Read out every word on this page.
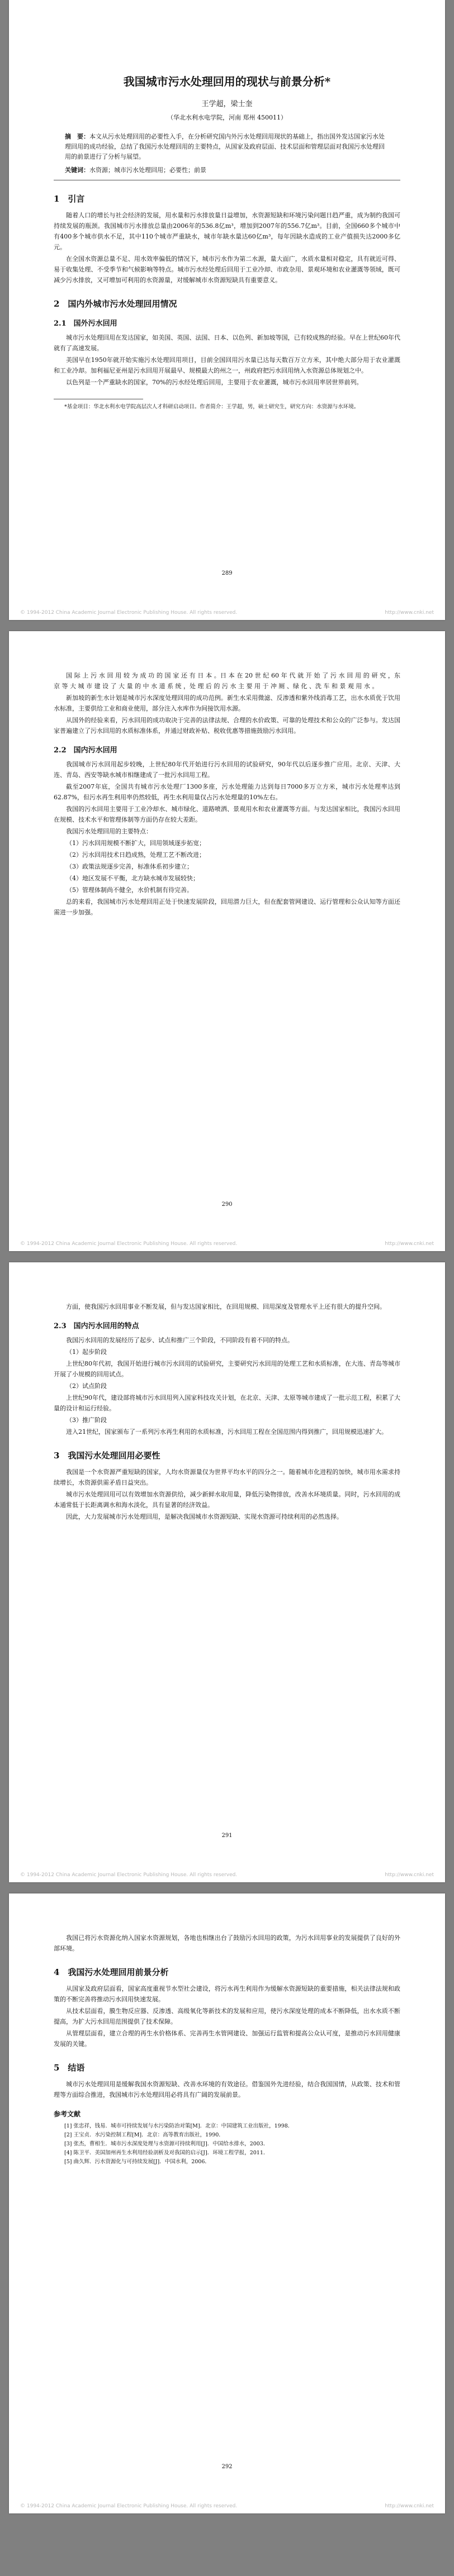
我国城市污水处理回用的现状与前景分析*
王学超，梁士奎
（华北水利水电学院，河南 郑州 450011）
摘　要：本文从污水处理回用的必要性入手，在分析研究国内外污水处理回用现状的基础上，指出国外发达国家污水处理回用的成功经验，总结了我国污水处理回用的主要特点，从国家及政府层面、技术层面和管理层面对我国污水处理回用的前景进行了分析与展望。
关键词：水资源；城市污水处理回用；必要性；前景
1　引言

随着人口的增长与社会经济的发展，用水量和污水排放量日益增加，水资源短缺和环境污染问题日趋严重，成为制约我国可持续发展的瓶颈。我国城市污水排放总量由2006年的536.8亿m³，增加到2007年的556.7亿m³。目前，全国660多个城市中有400多个城市供水不足，其中110个城市严重缺水，城市年缺水量达60亿m³，每年因缺水造成的工业产值损失达2000多亿元。

在全国水资源总量不足、用水效率偏低的情况下，城市污水作为第二水源，量大面广，水质水量相对稳定，具有就近可得、易于收集处理、不受季节和气候影响等特点。城市污水经处理后回用于工业冷却、市政杂用、景观环境和农业灌溉等领域，既可减少污水排放，又可增加可利用的水资源量，对缓解城市水资源短缺具有重要意义。

2　国内外城市污水处理回用情况
2.1　国外污水回用

城市污水处理回用在发达国家，如美国、英国、法国、日本、以色列、新加坡等国，已有较成熟的经验。早在上世纪60年代就有了高速发展。

美国早在1950年就开始实施污水处理回用项目，目前全国回用污水量已达每天数百万立方米，其中绝大部分用于农业灌溉和工业冷却。加利福尼亚州是污水回用开展最早、规模最大的州之一，州政府把污水回用纳入水资源总体规划之中。

以色列是一个严重缺水的国家，70%的污水经处理后回用，主要用于农业灌溉，城市污水回用率居世界前列。

*基金项目：华北水利水电学院高层次人才科研启动项目。作者简介：王学超，男，硕士研究生，研究方向：水资源与水环境。

289
© 1994-2012 China Academic Journal Electronic Publishing House. All rights reserved.	http://www.cnki.net

国 际 上 污 水 回 用 较 为 成 功 的 国 家 还 有 日 本 。日 本 在 20 世 纪 60 年 代 就 开 始 了 污 水 回 用 的 研 究 ，东 京 等 大 城 市 建 设 了 大 量 的 中 水 道 系 统 ，处 理 后 的 污 水 主 要 用 于 冲 厕 、绿 化 、洗 车 和 景 观 用 水 。

新加坡的新生水计划是城市污水深度处理回用的成功范例。新生水采用微滤、反渗透和紫外线消毒工艺，出水水质优于饮用水标准，主要供给工业和商业使用，部分注入水库作为间接饮用水源。

从国外的经验来看，污水回用的成功取决于完善的法律法规、合理的水价政策、可靠的处理技术和公众的广泛参与。发达国家普遍建立了污水回用的水质标准体系，并通过财政补贴、税收优惠等措施鼓励污水回用。

2.2　国内污水回用

我国城市污水回用起步较晚，上世纪80年代开始进行污水回用的试验研究，90年代以后逐步推广应用。北京、天津、大连、青岛、西安等缺水城市相继建成了一批污水回用工程。

截至2007年底，全国共有城市污水处理厂1300多座，污水处理能力达到每日7000多万立方米，城市污水处理率达到62.87%，但污水再生利用率仍然较低，再生水利用量仅占污水处理量的10%左右。

我国的污水回用主要用于工业冷却水、城市绿化、道路喷洒、景观用水和农业灌溉等方面。与发达国家相比，我国污水回用在规模、技术水平和管理体制等方面仍存在较大差距。

我国污水处理回用的主要特点：

（1）污水回用规模不断扩大，回用领域逐步拓宽；

（2）污水回用技术日趋成熟，处理工艺不断改进；

（3）政策法规逐步完善，标准体系初步建立；

（4）地区发展不平衡，北方缺水城市发展较快；

（5）管理体制尚不健全，水价机制有待完善。

总的来看，我国城市污水处理回用正处于快速发展阶段，回用潜力巨大，但在配套管网建设、运行管理和公众认知等方面还需进一步加强。

290
© 1994-2012 China Academic Journal Electronic Publishing House. All rights reserved.	http://www.cnki.net

方面，使我国污水回用事业不断发展，但与发达国家相比，在回用规模、回用深度及管理水平上还有很大的提升空间。

2.3　国内污水回用的特点

我国污水回用的发展经历了起步、试点和推广三个阶段，不同阶段有着不同的特点。

（1）起步阶段

上世纪80年代初，我国开始进行城市污水回用的试验研究，主要研究污水回用的处理工艺和水质标准，在大连、青岛等城市开展了小规模的回用试点。

（2）试点阶段

上世纪90年代，建设部将城市污水回用列入国家科技攻关计划，在北京、天津、太原等城市建成了一批示范工程，积累了大量的设计和运行经验。

（3）推广阶段

进入21世纪，国家颁布了一系列污水再生利用的水质标准，污水回用工程在全国范围内得到推广，回用规模迅速扩大。

3　我国污水处理回用必要性

我国是一个水资源严重短缺的国家，人均水资源量仅为世界平均水平的四分之一。随着城市化进程的加快，城市用水需求持续增长，水资源供需矛盾日益突出。

城市污水处理回用可以有效增加水资源供给，减少新鲜水取用量，降低污染物排放，改善水环境质量。同时，污水回用的成本通常低于长距离调水和海水淡化，具有显著的经济效益。

因此，大力发展城市污水处理回用，是解决我国城市水资源短缺、实现水资源可持续利用的必然选择。

291
© 1994-2012 China Academic Journal Electronic Publishing House. All rights reserved.	http://www.cnki.net

我国已将污水资源化纳入国家水资源规划，各地也相继出台了鼓励污水回用的政策，为污水回用事业的发展提供了良好的外部环境。

4　我国污水处理回用前景分析

从国家及政府层面看，国家高度重视节水型社会建设，将污水再生利用作为缓解水资源短缺的重要措施，相关法律法规和政策的不断完善将推动污水回用快速发展。

从技术层面看，膜生物反应器、反渗透、高级氧化等新技术的发展和应用，使污水深度处理的成本不断降低，出水水质不断提高，为扩大污水回用范围提供了技术保障。

从管理层面看，建立合理的再生水价格体系、完善再生水管网建设、加强运行监管和提高公众认可度，是推动污水回用健康发展的关键。

5　结语

城市污水处理回用是缓解我国水资源短缺、改善水环境的有效途径。借鉴国外先进经验，结合我国国情，从政策、技术和管理等方面综合推进，我国城市污水处理回用必将具有广阔的发展前景。

参考文献

[1] 张忠祥，钱易．城市可持续发展与水污染防治对策[M]．北京：中国建筑工业出版社，1998．

[2] 王宝贞．水污染控制工程[M]．北京：高等教育出版社，1990．

[3] 张杰，曹相生．城市污水深度处理与水资源可持续利用[J]．中国给水排水，2003．

[4] 陈卫平．美国加州再生水利用经验剖析及对我国的启示[J]．环境工程学报，2011．

[5] 曲久辉．污水资源化与可持续发展[J]．中国水利，2006．

292
© 1994-2012 China Academic Journal Electronic Publishing House. All rights reserved.	http://www.cnki.net
